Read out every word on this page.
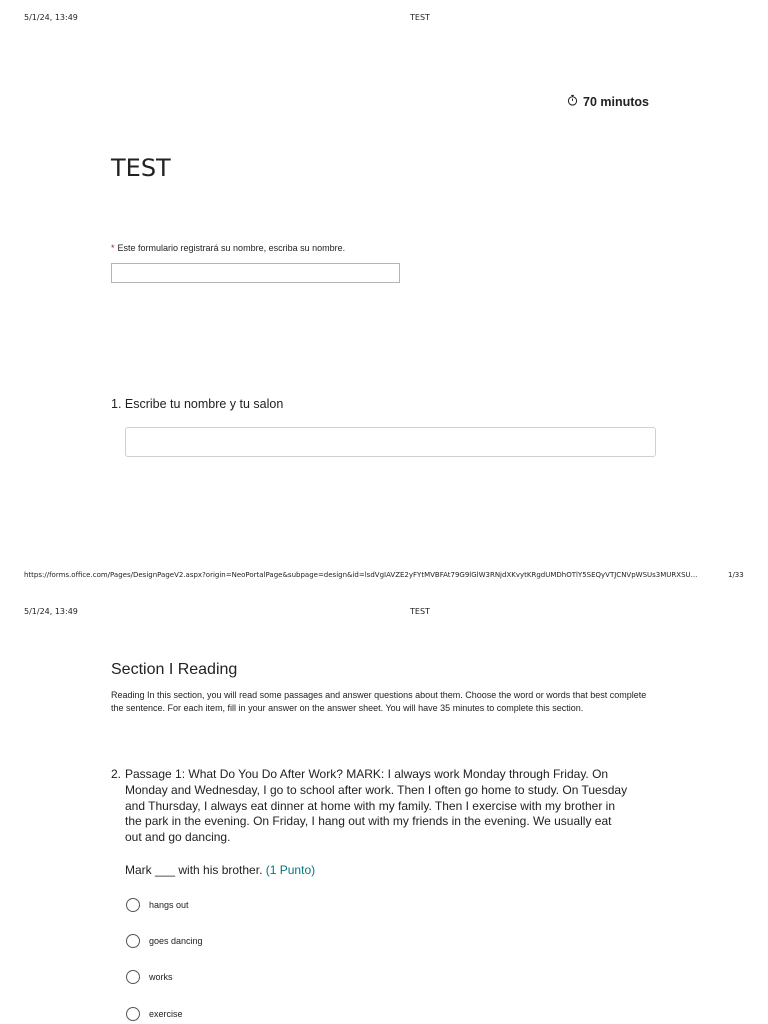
5/1/24, 13:49	TEST
70 minutos
TEST
* Este formulario registrará su nombre, escriba su nombre.
1. Escribe tu nombre y tu salon
https://forms.office.com/Pages/DesignPageV2.aspx?origin=NeoPortalPage&subpage=design&id=lsdVgIAVZE2yFYtMVBFAt79G9lGlW3RNjdXKvytKRgdUMDhOTlY5SEQyVTJCNVpWSUs3MURXSU...	1/33
5/1/24, 13:49	TEST
Section I Reading
Reading In this section, you will read some passages and answer questions about them. Choose the word or words that best complete the sentence. For each item, fill in your answer on the answer sheet. You will have 35 minutes to complete this section.
2. Passage 1: What Do You Do After Work? MARK: I always work Monday through Friday. On Monday and Wednesday, I go to school after work. Then I often go home to study. On Tuesday and Thursday, I always eat dinner at home with my family. Then I exercise with my brother in the park in the evening. On Friday, I hang out with my friends in the evening. We usually eat out and go dancing.
Mark ___ with his brother. (1 Punto)
hangs out
goes dancing
works
exercise
